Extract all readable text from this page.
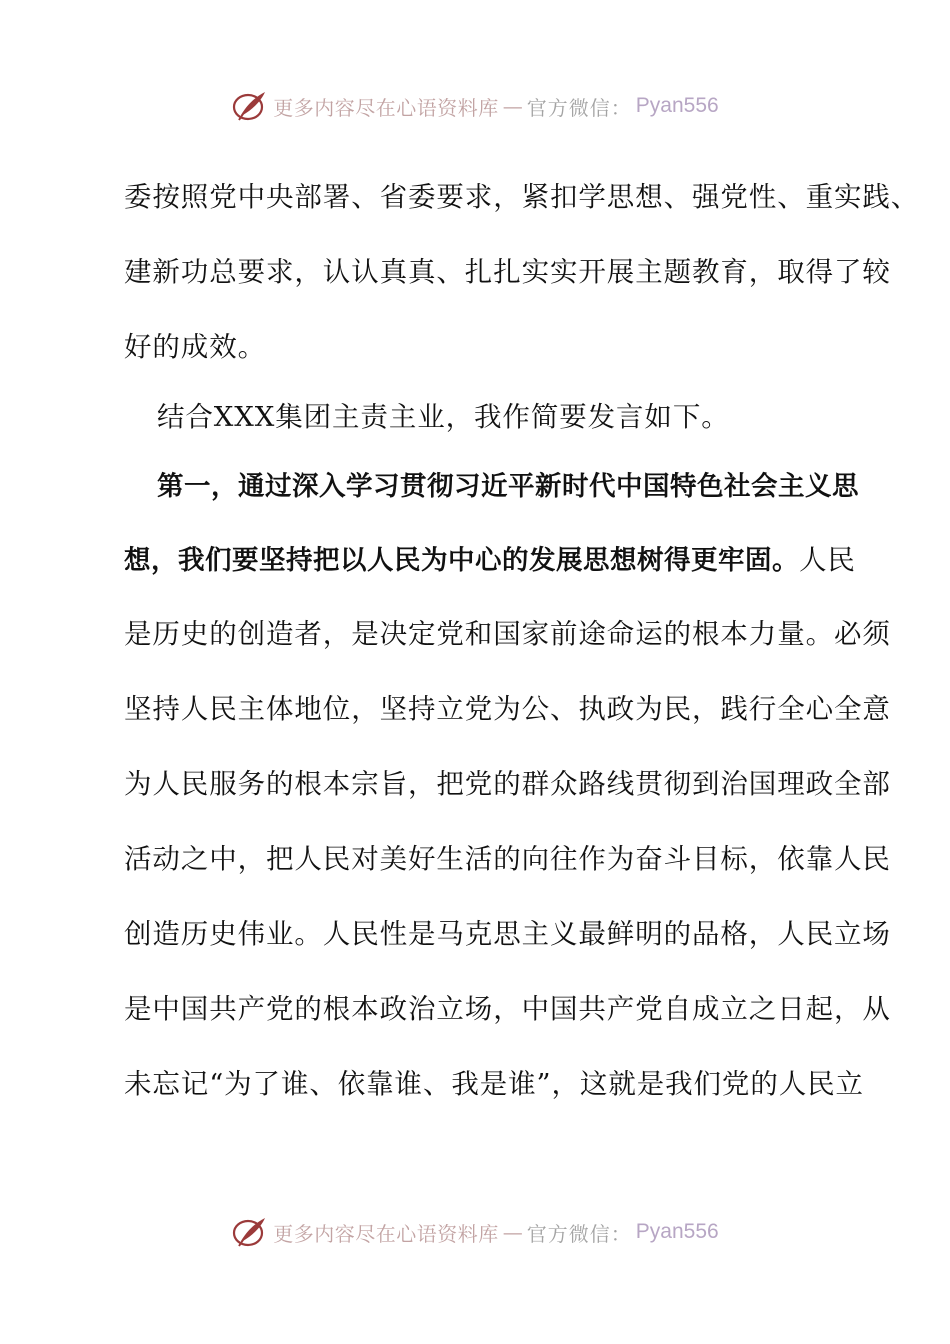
更多内容尽在心语资料库 — 官方微信： Pyan556
委按照党中央部署、省委要求，紧扣学思想、强党性、重实践、
建新功总要求，认认真真、扎扎实实开展主题教育，取得了较
好的成效。
结合XXX集团主责主业，我作简要发言如下。
第一，通过深入学习贯彻习近平新时代中国特色社会主义思
想，我们要坚持把以人民为中心的发展思想树得更牢固。人民
是历史的创造者，是决定党和国家前途命运的根本力量。必须
坚持人民主体地位，坚持立党为公、执政为民，践行全心全意
为人民服务的根本宗旨，把党的群众路线贯彻到治国理政全部
活动之中，把人民对美好生活的向往作为奋斗目标，依靠人民
创造历史伟业。人民性是马克思主义最鲜明的品格，人民立场
是中国共产党的根本政治立场，中国共产党自成立之日起，从
未忘记“为了谁、依靠谁、我是谁”，这就是我们党的人民立
更多内容尽在心语资料库 — 官方微信： Pyan556
